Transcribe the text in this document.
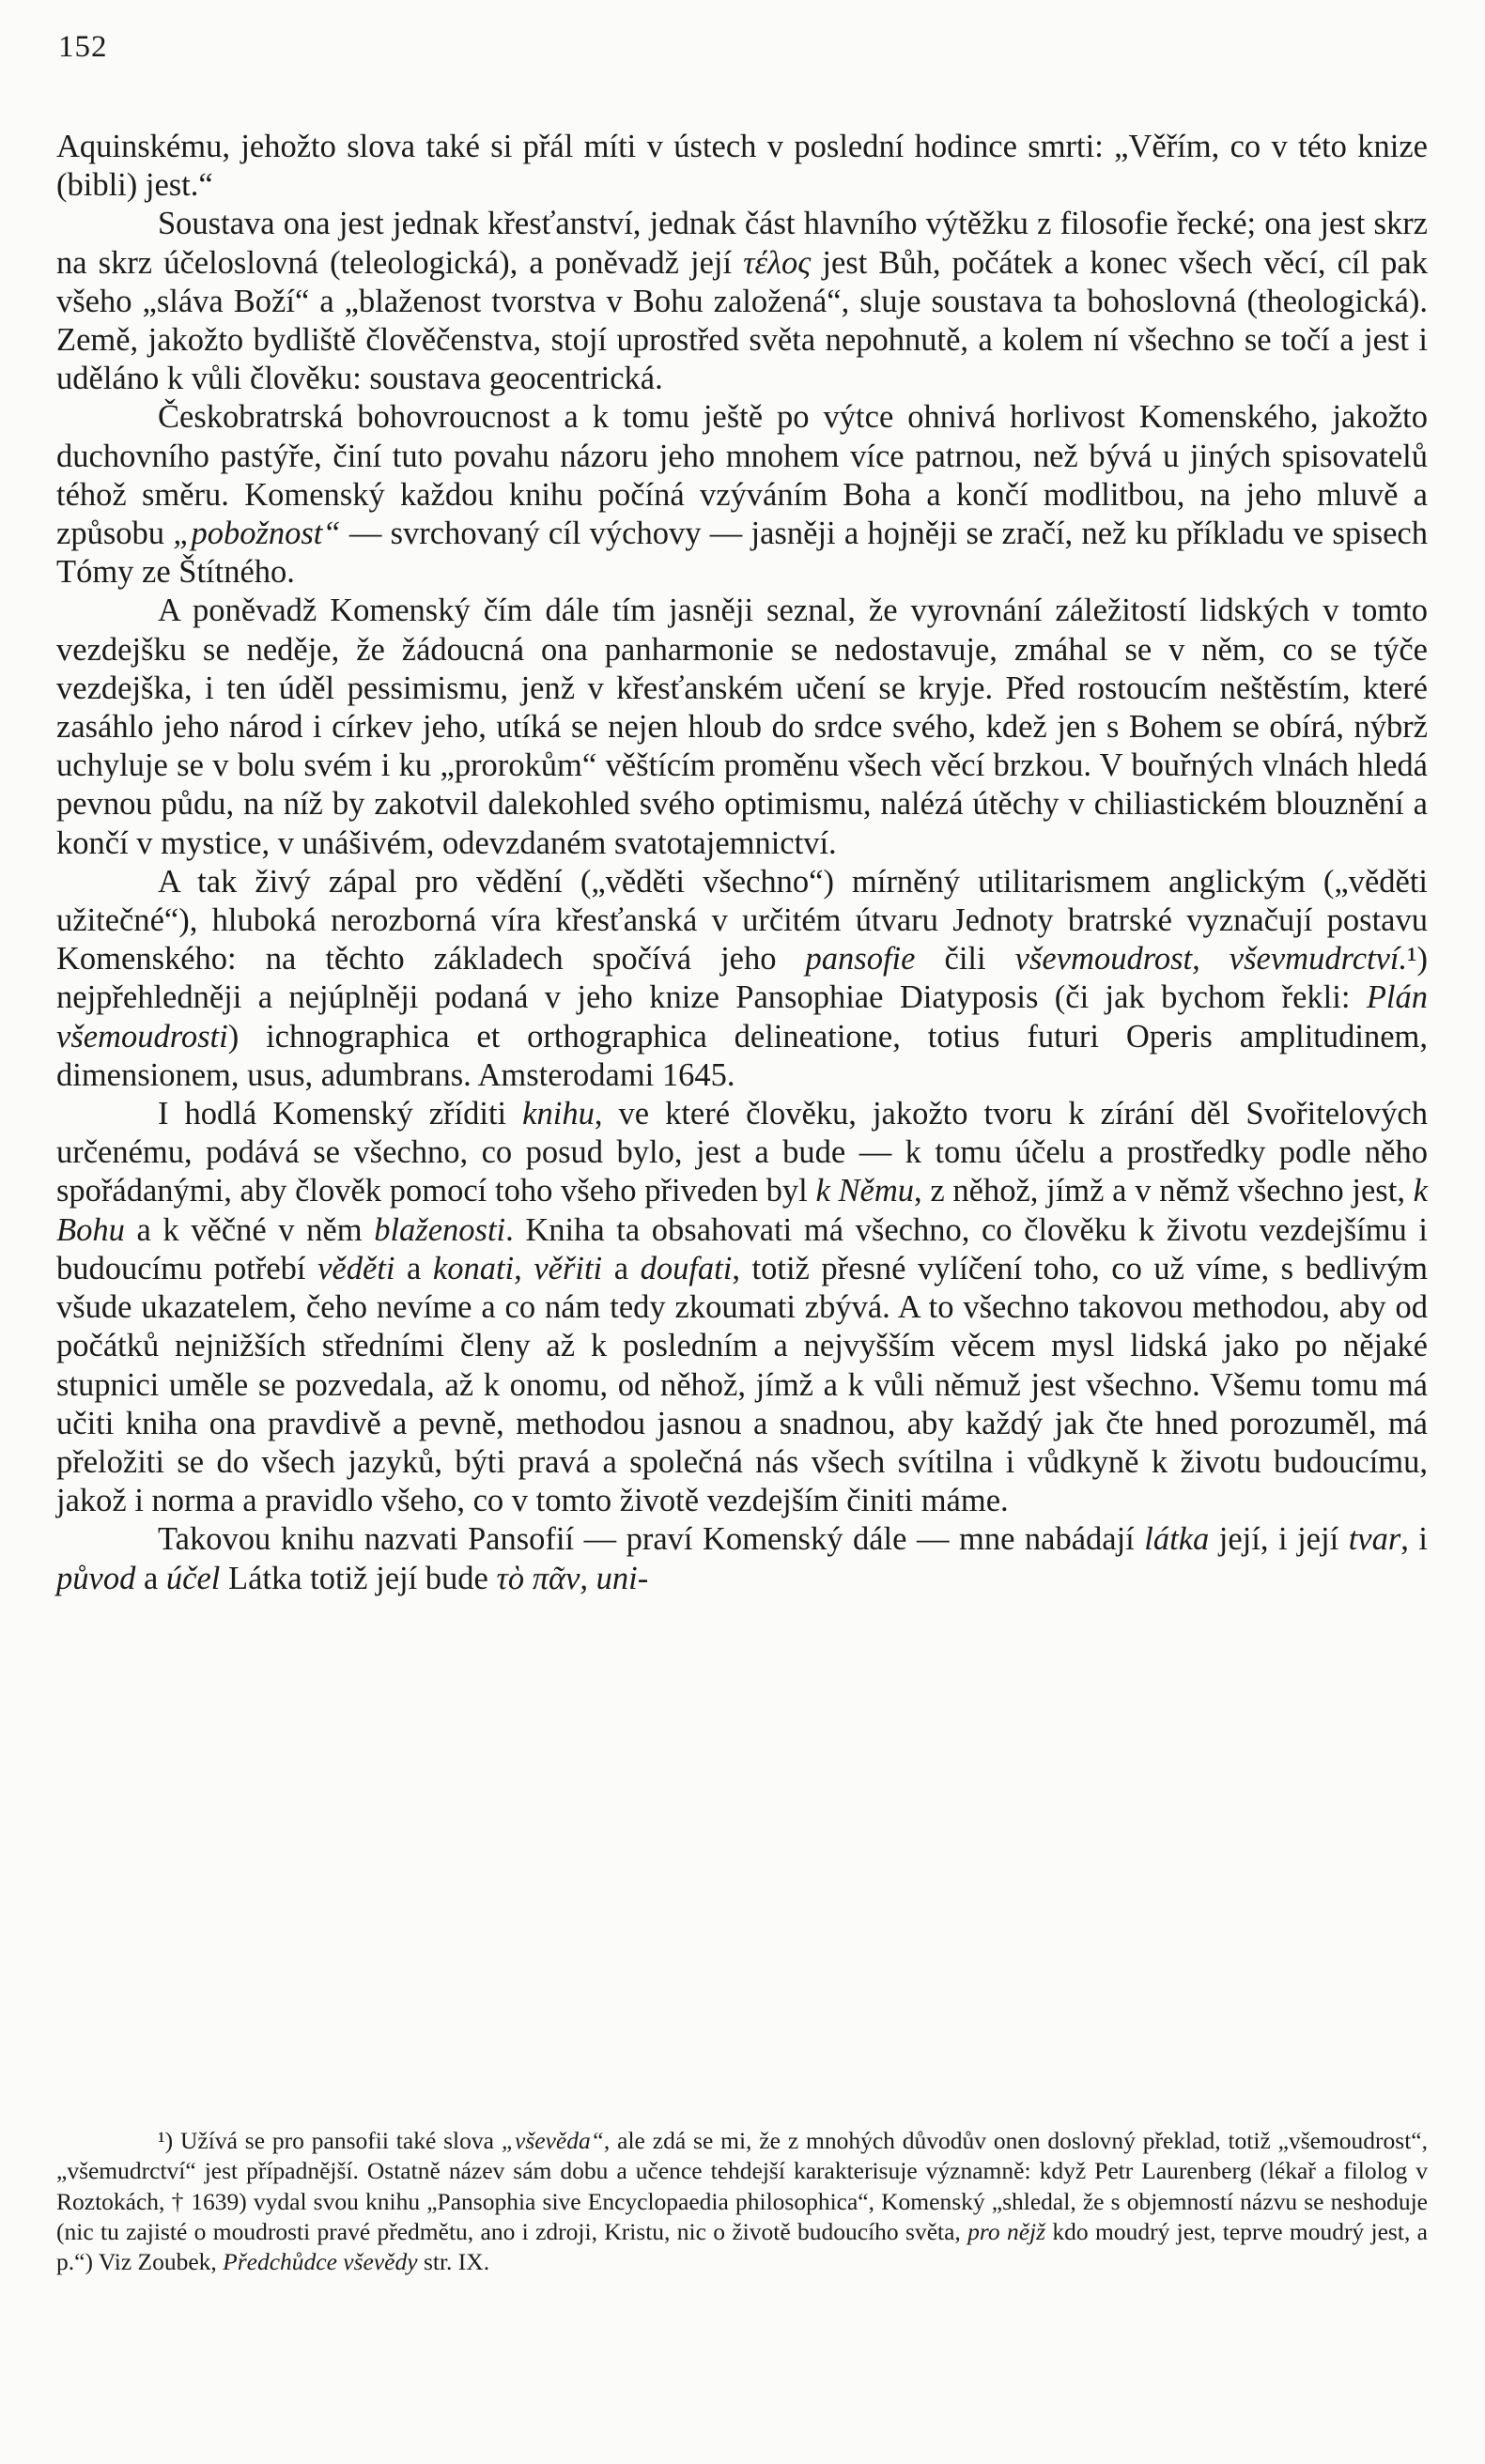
152

Aquinskému, jehožto slova také si přál míti v ústech v poslední hodince smrti: „Věřím, co v této knize (bibli) jest.“

Soustava ona jest jednak křesťanství, jednak část hlavního výtěžku z filosofie řecké; ona jest skrz na skrz účeloslovná (teleologická), a poněvadž její τέλος jest Bůh, počátek a konec všech věcí, cíl pak všeho „sláva Boží“ a „blaženost tvorstva v Bohu založená“, sluje soustava ta bohoslovná (theologická). Země, jakožto bydliště člověčenstva, stojí uprostřed světa nepohnutě, a kolem ní všechno se točí a jest i uděláno k vůli člověku: soustava geocentrická.

Českobratrská bohovroucnost a k tomu ještě po výtce ohnivá horlivost Komenského, jakožto duchovního pastýře, činí tuto povahu názoru jeho mnohem více patrnou, než bývá u jiných spisovatelů téhož směru. Komenský každou knihu počíná vzýváním Boha a končí modlitbou, na jeho mluvě a způsobu „pobožnost“ — svrchovaný cíl výchovy — jasněji a hojněji se zračí, než ku příkladu ve spisech Tómy ze Štítného.

A poněvadž Komenský čím dále tím jasněji seznal, že vyrovnání záležitostí lidských v tomto vezdejšku se neděje, že žádoucná ona panharmonie se nedostavuje, zmáhal se v něm, co se týče vezdejška, i ten úděl pessimismu, jenž v křesťanském učení se kryje. Před rostoucím neštěstím, které zasáhlo jeho národ i církev jeho, utíká se nejen hloub do srdce svého, kdež jen s Bohem se obírá, nýbrž uchyluje se v bolu svém i ku „prorokům“ věštícím proměnu všech věcí brzkou. V bouřných vlnách hledá pevnou půdu, na níž by zakotvil dalekohled svého optimismu, nalézá útěchy v chiliastickém blouznění a končí v mystice, v unášivém, odevzdaném svatotajemnictví.

A tak živý zápal pro vědění („věděti všechno“) mírněný utilitarismem anglickým („věděti užitečné“), hluboká nerozborná víra křesťanská v určitém útvaru Jednoty bratrské vyznačují postavu Komenského: na těchto základech spočívá jeho pansofie čili vševmoudrost, vševmudrctví.¹) nejpřehledněji a nejúplněji podaná v jeho knize Pansophiae Diatyposis (či jak bychom řekli: Plán všemoudrosti) ichnographica et orthographica delineatione, totius futuri Operis amplitudinem, dimensionem, usus, adumbrans. Amsterodami 1645.

I hodlá Komenský zříditi knihu, ve které člověku, jakožto tvoru k zírání děl Svořitelových určenému, podává se všechno, co posud bylo, jest a bude — k tomu účelu a prostředky podle něho spořádanými, aby člověk pomocí toho všeho přiveden byl k Němu, z něhož, jímž a v němž všechno jest, k Bohu a k věčné v něm blaženosti. Kniha ta obsahovati má všechno, co člověku k životu vezdejšímu i budoucímu potřebí věděti a konati, věřiti a doufati, totiž přesné vylíčení toho, co už víme, s bedlivým všude ukazatelem, čeho nevíme a co nám tedy zkoumati zbývá. A to všechno takovou methodou, aby od počátků nejnižších středními členy až k posledním a nejvyšším věcem mysl lidská jako po nějaké stupnici uměle se pozvedala, až k onomu, od něhož, jímž a k vůli němuž jest všechno. Všemu tomu má učiti kniha ona pravdivě a pevně, methodou jasnou a snadnou, aby každý jak čte hned porozuměl, má přeložiti se do všech jazyků, býti pravá a společná nás všech svítilna i vůdkyně k životu budoucímu, jakož i norma a pravidlo všeho, co v tomto životě vezdejším činiti máme.

Takovou knihu nazvati Pansofií — praví Komenský dále — mne nabádají látka její, i její tvar, i původ a účel Látka totiž její bude τὸ πᾶν, uni-

¹) Užívá se pro pansofii také slova „vševěda“, ale zdá se mi, že z mnohých důvodův onen doslovný překlad, totiž „všemoudrost“, „všemudrctví“ jest případnější. Ostatně název sám dobu a učence tehdejší karakterisuje významně: když Petr Laurenberg (lékař a filolog v Roztokách, † 1639) vydal svou knihu „Pansophia sive Encyclopaedia philosophica“, Komenský „shledal, že s objemností názvu se neshoduje (nic tu zajisté o moudrosti pravé předmětu, ano i zdroji, Kristu, nic o životě budoucího světa, pro nějž kdo moudrý jest, teprve moudrý jest, a p.“) Viz Zoubek, Předchůdce vševědy str. IX.
